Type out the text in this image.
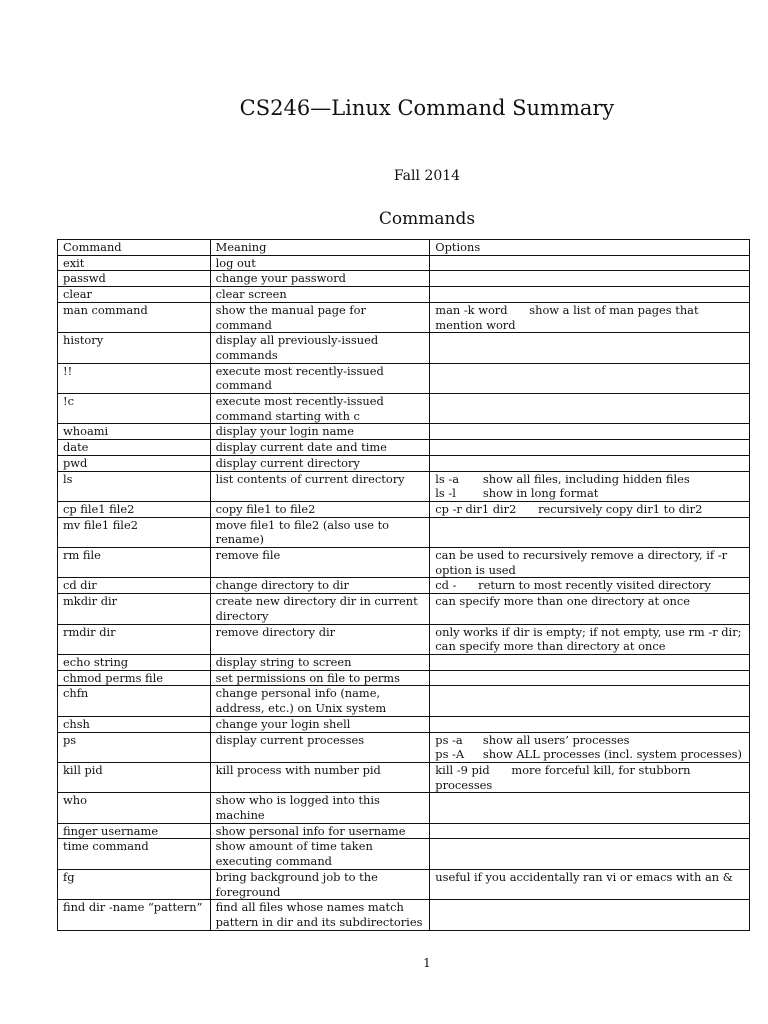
CS246—Linux Command Summary
Fall 2014
Commands
Command	Meaning	Options
exit	log out	
passwd	change your password	
clear	clear screen	
man command	show the manual page for command	man -k word      show a list of man pages that mention word
history	display all previously-issued commands	
!!	execute most recently-issued command	
!c	execute most recently-issued command starting with c	
whoami	display your login name	
date	display current date and time	
pwd	display current directory	
ls	list contents of current directory	ls -a show all files, including hidden files
ls -l show in long format

cp file1 file2	copy file1 to file2	cp -r dir1 dir2      recursively copy dir1 to dir2
mv file1 file2	move file1 to file2 (also use to rename)	
rm file	remove file	can be used to recursively remove a directory, if -r option is used
cd dir	change directory to dir	cd -      return to most recently visited directory
mkdir dir	create new directory dir in current directory	can specify more than one directory at once
rmdir dir	remove directory dir	only works if dir is empty; if not empty, use rm -r dir; can specify more than directory at once
echo string	display string to screen	
chmod perms file	set permissions on file to perms	
chfn	change personal info (name, address, etc.) on Unix system	
chsh	change your login shell	
ps	display current processes	ps -a show all users’ processes
ps -A show ALL processes (incl. system processes)

kill pid	kill process with number pid	kill -9 pid      more forceful kill, for stubborn processes
who	show who is logged into this machine	
finger username	show personal info for username	
time command	show amount of time taken executing command	
fg	bring background job to the foreground	useful if you accidentally ran vi or emacs with an &
find dir -name “pattern”	find all files whose names match pattern in dir and its subdirectories	
1
